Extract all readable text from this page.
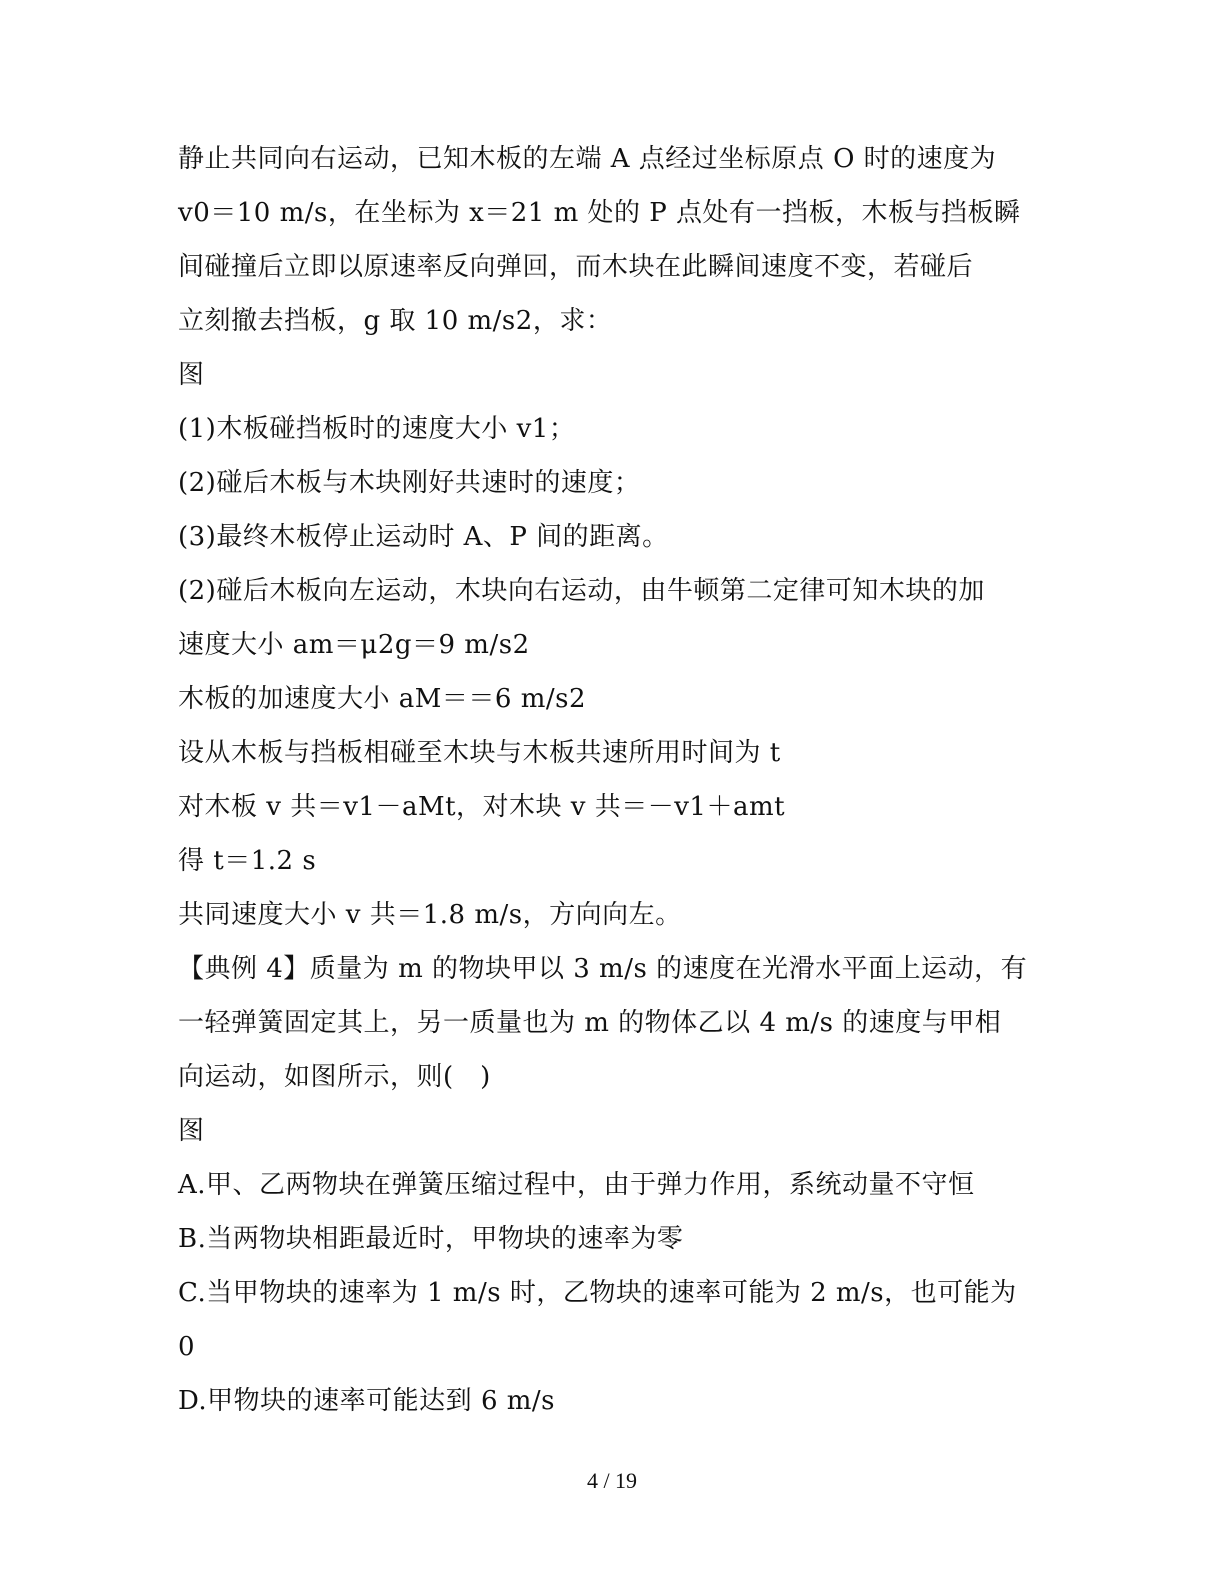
静止共同向右运动，已知木板的左端 A 点经过坐标原点 O 时的速度为
v0＝10 m/s，在坐标为 x＝21 m 处的 P 点处有一挡板，木板与挡板瞬
间碰撞后立即以原速率反向弹回，而木块在此瞬间速度不变，若碰后
立刻撤去挡板，g 取 10 m/s2，求：
图
(1)木板碰挡板时的速度大小 v1；
(2)碰后木板与木块刚好共速时的速度；
(3)最终木板停止运动时 A、P 间的距离。
(2)碰后木板向左运动，木块向右运动，由牛顿第二定律可知木块的加
速度大小 am＝μ2g＝9 m/s2
木板的加速度大小 aM＝＝6 m/s2
设从木板与挡板相碰至木块与木板共速所用时间为 t
对木板 v 共＝v1－aMt，对木块 v 共＝－v1＋amt
得 t＝1.2 s
共同速度大小 v 共＝1.8 m/s，方向向左。
【典例 4】质量为 m 的物块甲以 3 m/s 的速度在光滑水平面上运动，有
一轻弹簧固定其上，另一质量也为 m 的物体乙以 4 m/s 的速度与甲相
向运动，如图所示，则(　)
图
A.甲、乙两物块在弹簧压缩过程中，由于弹力作用，系统动量不守恒
B.当两物块相距最近时，甲物块的速率为零
C.当甲物块的速率为 1 m/s 时，乙物块的速率可能为 2 m/s，也可能为
0
D.甲物块的速率可能达到 6 m/s
4 / 19
